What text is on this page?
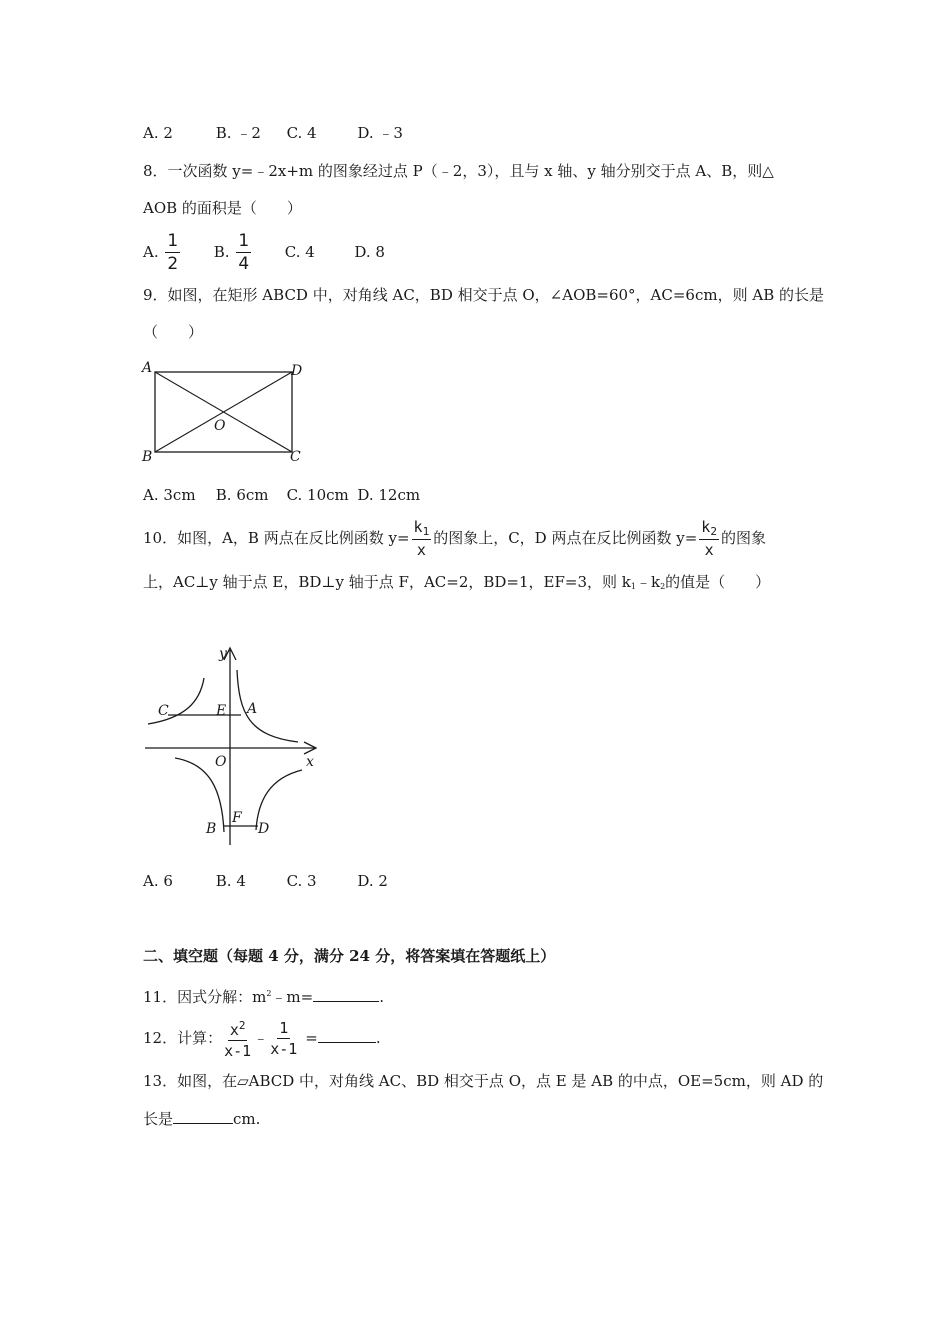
A. 2	B. ﹣2 C. 4	D. ﹣3
8．一次函数 y=﹣2x+m 的图象经过点 P（﹣2，3），且与 x 轴、y 轴分别交于点 A、B，则△
AOB 的面积是（　　）
A. $\frac{1}{2} B$. $\frac{1}{4} C$. 4	D. 8
9．如图，在矩形 ABCD 中，对角线 AC，BD 相交于点 O，∠AOB=60°，AC=6cm，则 AB 的长是
（　　）
A	D
B	C
O
A. 3cm B. 6cm C. 10cm D. 12cm
10．如图，A，B 两点在反比例函数 $y= \frac{k_1}{x}$ 的图象上，C，D 两点在反比例函数 $y= \frac{k_2}{x}$ 的图象
上，AC⊥y 轴于点 E，BD⊥y 轴于点 F，AC=2，BD=1，EF=3，则 $k_1﹣k_2$的值是（　　）
y
x
C	E A
O
B
F
D
A. 6	B. 4	C. 3	D. 2
二、填空题（每题 4 分，满分 24 分，将答案填在答题纸上）
11．因式分解：$m^2﹣m=$	.
12．计算： $\frac{x^2}{x-1}$ ﹣ $\frac{1}{x-1}$ =	.
13．如图，在▱ABCD 中，对角线 AC、BD 相交于点 O，点 E 是 AB 的中点，OE=5cm，则 AD 的
长是	cm.
